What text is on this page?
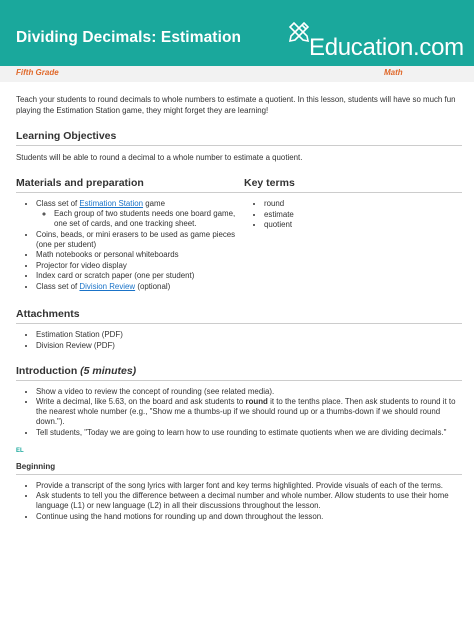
Dividing Decimals: Estimation	Education.com
Fifth Grade	Math

Teach your students to round decimals to whole numbers to estimate a quotient. In this lesson, students will have so much fun playing the Estimation Station game, they might forget they are learning!

Learning Objectives

Students will be able to round a decimal to a whole number to estimate a quotient.

Materials and preparation
• Class set of Estimation Station game
◦ Each group of two students needs one board game, one set of cards, and one tracking sheet.
• Coins, beads, or mini erasers to be used as game pieces (one per student)
• Math notebooks or personal whiteboards
• Projector for video display
• Index card or scratch paper (one per student)
• Class set of Division Review (optional)
Key terms
• round
• estimate
• quotient
Attachments
• Estimation Station (PDF)
• Division Review (PDF)
Introduction (5 minutes)
• Show a video to review the concept of rounding (see related media).
• Write a decimal, like 5.63, on the board and ask students to round it to the tenths place. Then ask students to round it to the nearest whole number (e.g., "Show me a thumbs-up if we should round up or a thumbs-down if we should round down.").
• Tell students, "Today we are going to learn how to use rounding to estimate quotients when we are dividing decimals."
EL
Beginning
• Provide a transcript of the song lyrics with larger font and key terms highlighted. Provide visuals of each of the terms.
• Ask students to tell you the difference between a decimal number and whole number. Allow students to use their home language (L1) or new language (L2) in all their discussions throughout the lesson.
• Continue using the hand motions for rounding up and down throughout the lesson.
